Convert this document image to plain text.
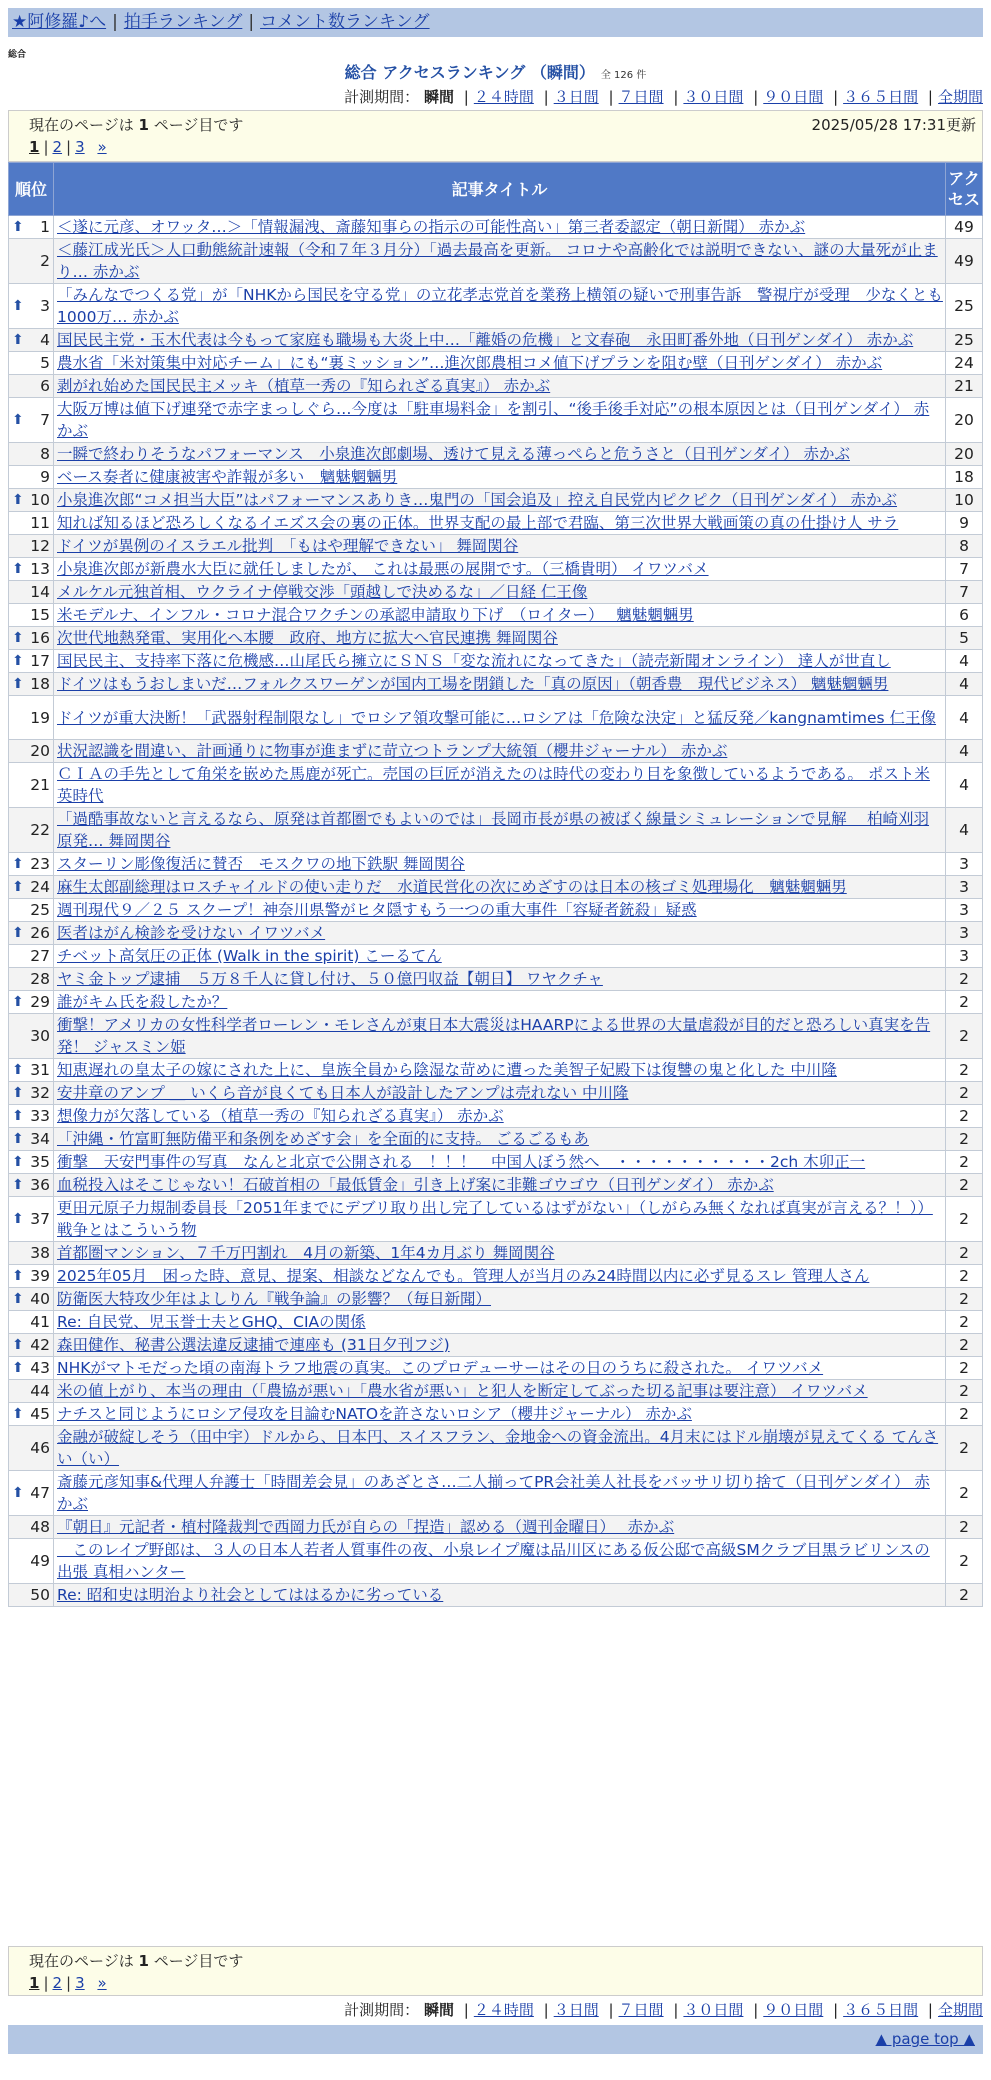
★阿修羅♪へ | 拍手ランキング | コメント数ランキング
総合
総合 アクセスランキング （瞬間） 全 126 件
計測期間： 瞬間 | ２４時間 | ３日間 | ７日間 | ３０日間 | ９０日間 | ３６５日間 | 全期間
現在のページは 1 ページ目です	2025/05/28 17:31更新
1 | 2 | 3 »
順位	記事タイトル	アク
セス

⬆ 1	＜遂に元彦、オワッタ…＞「情報漏洩、斎藤知事らの指示の可能性高い」第三者委認定（朝日新聞） 赤かぶ	49
2	＜藤江成光氏＞人口動態統計速報（令和７年３月分）「過去最高を更新。 コロナや高齢化では説明できない、謎の大量死が止まり… 赤かぶ	49

⬆ 3	「みんなでつくる党」が「NHKから国民を守る党」の立花孝志党首を業務上横領の疑いで刑事告訴　警視庁が受理　少なくとも1000万… 赤かぶ	25

⬆ 4	国民民主党・玉木代表は今もって家庭も職場も大炎上中…「離婚の危機」と文春砲　永田町番外地（日刊ゲンダイ） 赤かぶ	25
5	農水省「米対策集中対応チーム」にも“裏ミッション”…進次郎農相コメ値下げプランを阻む壁（日刊ゲンダイ） 赤かぶ	24
6	剥がれ始めた国民民主メッキ（植草一秀の『知られざる真実』） 赤かぶ	21

⬆ 7	大阪万博は値下げ連発で赤字まっしぐら…今度は「駐車場料金」を割引、“後手後手対応”の根本原因とは（日刊ゲンダイ） 赤かぶ	20
8	一瞬で終わりそうなパフォーマンス　小泉進次郎劇場、透けて見える薄っぺらと危うさと（日刊ゲンダイ） 赤かぶ	20
9	ベース奏者に健康被害や詐報が多い　魑魅魍魎男	18

⬆ 10	小泉進次郎“コメ担当大臣”はパフォーマンスありき…鬼門の「国会追及」控え自民党内ピクピク（日刊ゲンダイ） 赤かぶ	10
11	知れば知るほど恐ろしくなるイエズス会の裏の正体。世界支配の最上部で君臨、第三次世界大戦画策の真の仕掛け人 サラ	9
12	ドイツが異例のイスラエル批判　「もはや理解できない」 舞岡関谷	8

⬆ 13	小泉進次郎が新農水大臣に就任しましたが、 これは最悪の展開です。（三橋貴明） イワツバメ	7
14	メルケル元独首相、ウクライナ停戦交渉「頭越しで決めるな」／日経 仁王像	7
15	米モデルナ、インフル・コロナ混合ワクチンの承認申請取り下げ　（ロイター）　 魑魅魍魎男	6

⬆ 16	次世代地熱発電、実用化へ本腰　政府、地方に拡大へ官民連携 舞岡関谷	5

⬆ 17	国民民主、支持率下落に危機感…山尾氏ら擁立にＳＮＳ「変な流れになってきた」（読売新聞オンライン） 達人が世直し	4

⬆ 18	ドイツはもうおしまいだ…フォルクスワーゲンが国内工場を閉鎖した「真の原因」（朝香豊　現代ビジネス） 魑魅魍魎男	4
19	ドイツが重大決断！「武器射程制限なし」でロシア領攻撃可能に…ロシアは「危険な決定」と猛反発／kangnamtimes 仁王像	4
20	状況認識を間違い、計画通りに物事が進まずに苛立つトランプ大統領（櫻井ジャーナル） 赤かぶ	4
21	ＣＩＡの手先として角栄を嵌めた馬鹿が死亡。売国の巨匠が消えたのは時代の変わり目を象徴しているようである。 ポスト米英時代	4
22	「過酷事故ないと言えるなら、原発は首都圏でもよいのでは」長岡市長が県の被ばく線量シミュレーションで見解　 柏崎刈羽原発… 舞岡関谷	4

⬆ 23	スターリン彫像復活に賛否　モスクワの地下鉄駅 舞岡関谷	3

⬆ 24	麻生太郎副総理はロスチャイルドの使い走りだ　水道民営化の次にめざすのは日本の核ゴミ処理場化　魑魅魍魎男	3
25	週刊現代９／２５ スクープ！神奈川県警がヒタ隠すもう一つの重大事件「容疑者銃殺」疑惑	3

⬆ 26	医者はがん検診を受けない イワツバメ	3
27	チベット高気圧の正体 (Walk in the spirit) こーるてん	3
28	ヤミ金トップ逮捕　５万８千人に貸し付け、５０億円収益【朝日】 ワヤクチャ	2

⬆ 29	誰がキム氏を殺したか？	2
30	衝撃！アメリカの女性科学者ローレン・モレさんが東日本大震災はHAARPによる世界の大量虐殺が目的だと恐ろしい真実を告発！ ジャスミン姫	2

⬆ 31	知恵遅れの皇太子の嫁にされた上に、皇族全員から陰湿な苛めに遭った美智子妃殿下は復讐の鬼と化した 中川隆	2

⬆ 32	安井章のアンプ ＿ いくら音が良くても日本人が設計したアンプは売れない 中川隆	2

⬆ 33	想像力が欠落している（植草一秀の『知られざる真実』） 赤かぶ	2

⬆ 34	「沖縄・竹富町無防備平和条例をめざす会」を全面的に支持。 ごるごるもあ	2

⬆ 35	衝撃　天安門事件の写真　なんと北京で公開される　！！！　中国人ぼう然へ　・・・・・・・・・・2ch 木卯正一	2

⬆ 36	血税投入はそこじゃない！石破首相の「最低賃金」引き上げ案に非難ゴウゴウ（日刊ゲンダイ） 赤かぶ	2

⬆ 37	更田元原子力規制委員長「2051年までにデブリ取り出し完了しているはずがない」（しがらみ無くなれば真実が言える？！）） 戦争とはこういう物	2
38	首都圏マンション、７千万円割れ　4月の新築、1年4カ月ぶり 舞岡関谷	2

⬆ 39	2025年05月　困った時、意見、提案、相談などなんでも。管理人が当月のみ24時間以内に必ず見るスレ 管理人さん	2

⬆ 40	防衛医大特攻少年はよしりん『戦争論』の影響？（毎日新聞）	2
41	Re: 自民党、児玉誉士夫とGHQ、CIAの関係	2

⬆ 42	森田健作、秘書公選法違反逮捕で連座も (31日夕刊フジ)	2

⬆ 43	NHKがマトモだった頃の南海トラフ地震の真実。このプロデューサーはその日のうちに殺された。 イワツバメ	2
44	米の値上がり、本当の理由（「農協が悪い」「農水省が悪い」と犯人を断定してぶった切る記事は要注意） イワツバメ	2

⬆ 45	ナチスと同じようにロシア侵攻を目論むNATOを許さないロシア（櫻井ジャーナル） 赤かぶ	2
46	金融が破綻しそう（田中宇）ドルから、日本円、スイスフラン、金地金への資金流出。4月末にはドル崩壊が見えてくる てんさい（い）	2

⬆ 47	斎藤元彦知事&代理人弁護士「時間差会見」のあざとさ…二人揃ってPR会社美人社長をバッサリ切り捨て（日刊ゲンダイ） 赤かぶ	2
48	『朝日』元記者・植村隆裁判で西岡力氏が自らの「捏造」認める（週刊金曜日）　 赤かぶ	2
49	　このレイプ野郎は、３人の日本人若者人質事件の夜、小泉レイプ魔は品川区にある仮公邸で高級SMクラブ目黒ラビリンスの出張 真相ハンター	2
50	Re: 昭和史は明治より社会としてははるかに劣っている	2
現在のページは 1 ページ目です
1 | 2 | 3 »
計測期間： 瞬間 | ２４時間 | ３日間 | ７日間 | ３０日間 | ９０日間 | ３６５日間 | 全期間
▲ page top ▲
